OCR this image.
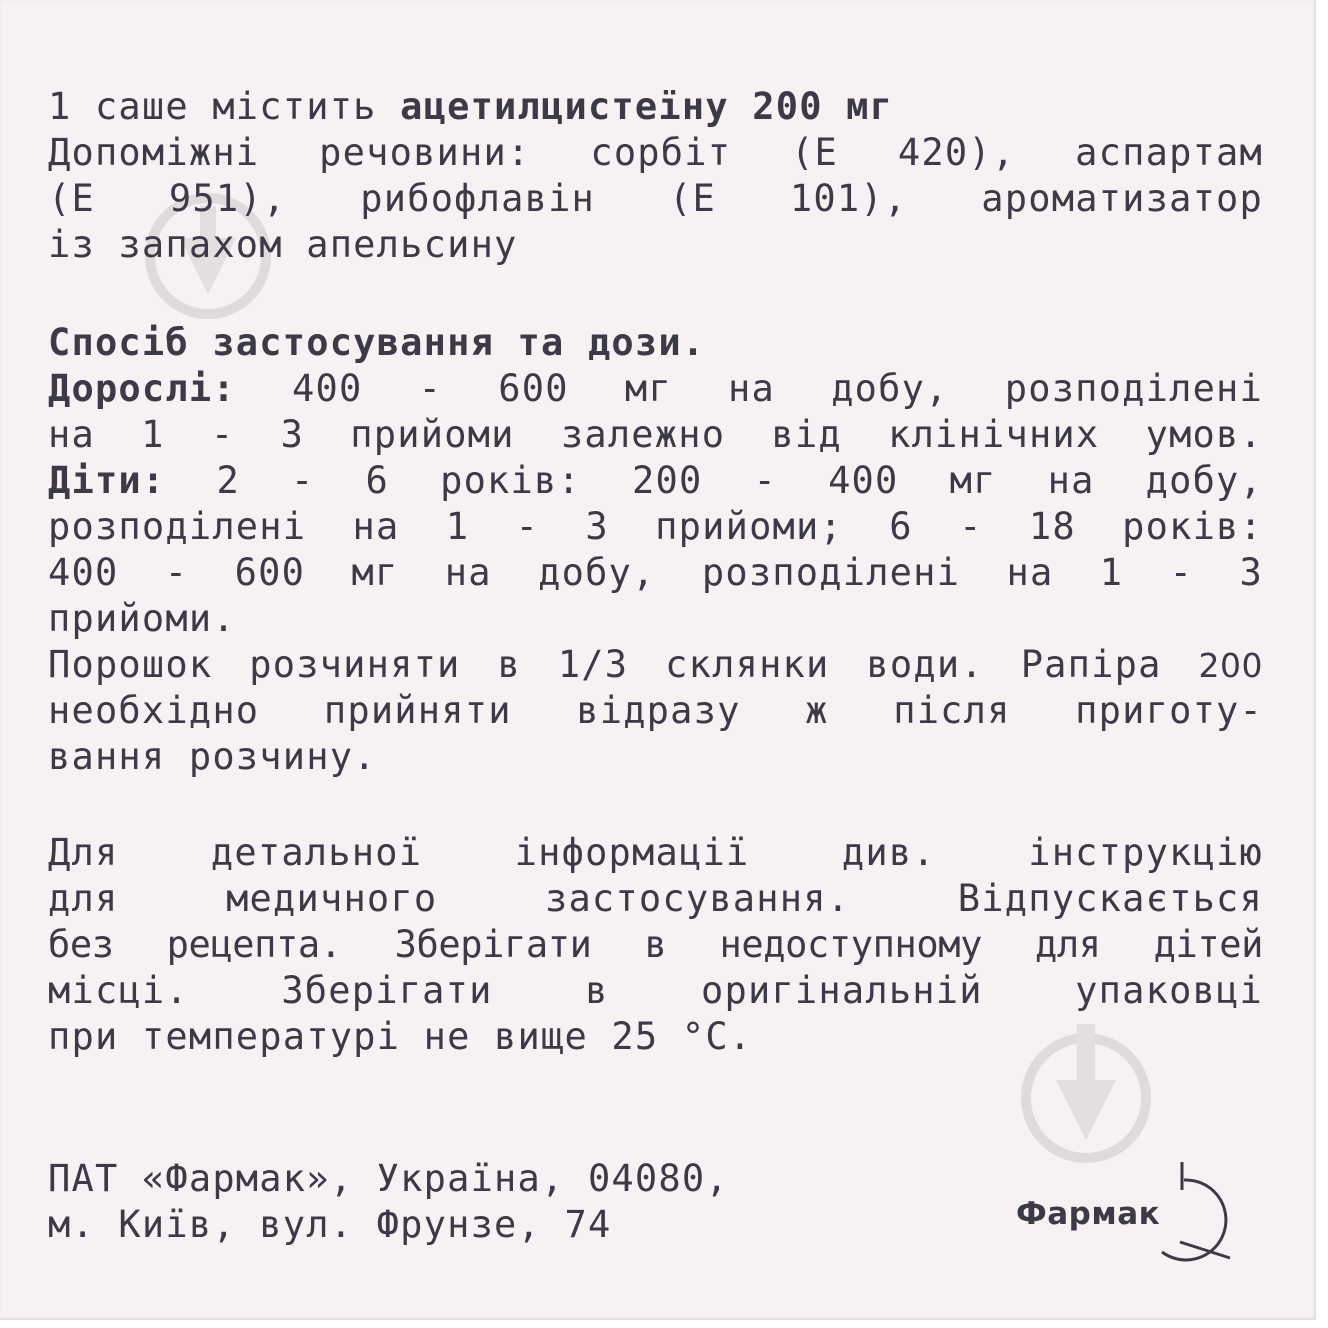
1 саше містить ацетилцистеїну 200 мг
Допоміжні речовини: сорбіт (Е 420), аспартам
(Е 951), рибофлавін (Е 101), ароматизатор
із запахом апельсину
Спосіб застосування та дози.
Дорослі: 400 - 600 мг на добу, розподілені
на 1 - 3 прийоми залежно від клінічних умов.
Діти: 2 - 6 років: 200 - 400 мг на добу,
розподілені на 1 - 3 прийоми; 6 - 18 років:
400 - 600 мг на добу, розподілені на 1 - 3
прийоми.
Порошок розчиняти в 1/3 склянки води. Рапіра 200
необхідно прийняти відразу ж після приготу-
вання розчину.
Для детальної інформації див. інструкцію
для медичного застосування. Відпускається
без рецепта. Зберігати в недоступному для дітей
місці. Зберігати в оригінальній упаковці
при температурі не вище 25 °С.
ПАТ «Фармак», Україна, 04080,
м. Київ, вул. Фрунзе, 74	Фармак
